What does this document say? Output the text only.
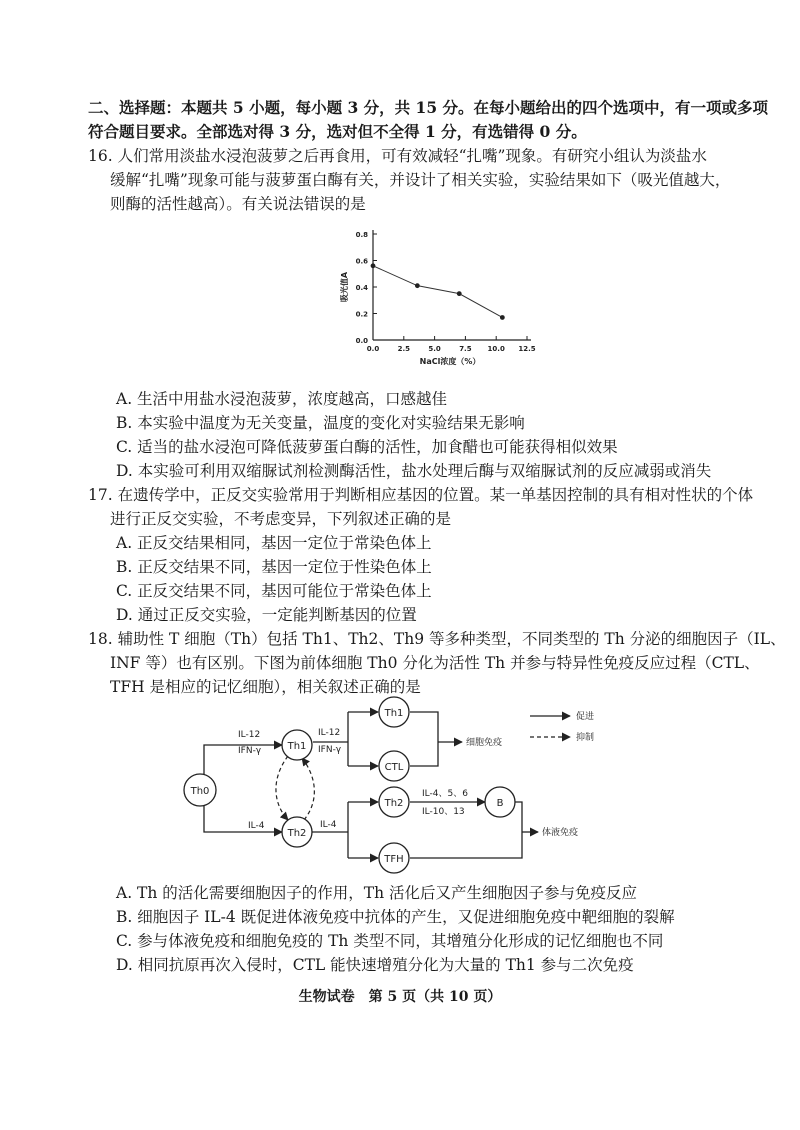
二、选择题：本题共 5 小题，每小题 3 分，共 15 分。在每小题给出的四个选项中，有一项或多项
符合题目要求。全部选对得 3 分，选对但不全得 1 分，有选错得 0 分。
16. 人们常用淡盐水浸泡菠萝之后再食用，可有效减轻“扎嘴”现象。有研究小组认为淡盐水
缓解“扎嘴”现象可能与菠萝蛋白酶有关，并设计了相关实验，实验结果如下（吸光值越大，
则酶的活性越高）。有关说法错误的是
0.0
0.2
0.4
0.6
0.8
0.0	2.5	5.0	7.5 10.0 12.5
NaCl浓度（%）
吸光值A
A. 生活中用盐水浸泡菠萝，浓度越高，口感越佳
B. 本实验中温度为无关变量，温度的变化对实验结果无影响
C. 适当的盐水浸泡可降低菠萝蛋白酶的活性，加食醋也可能获得相似效果
D. 本实验可利用双缩脲试剂检测酶活性，盐水处理后酶与双缩脲试剂的反应减弱或消失
17. 在遗传学中，正反交实验常用于判断相应基因的位置。某一单基因控制的具有相对性状的个体
进行正反交实验，不考虑变异，下列叙述正确的是
A. 正反交结果相同，基因一定位于常染色体上
B. 正反交结果不同，基因一定位于性染色体上
C. 正反交结果不同，基因可能位于常染色体上
D. 通过正反交实验，一定能判断基因的位置
18. 辅助性 T 细胞（Th）包括 Th1、Th2、Th9 等多种类型，不同类型的 Th 分泌的细胞因子（IL、
INF 等）也有区别。下图为前体细胞 Th0 分化为活性 Th 并参与特异性免疫反应过程（CTL、
TFH 是相应的记忆细胞），相关叙述正确的是
Th0
Th1
Th2
Th1
CTL
Th2
TFH
B
IL-12
IFN-γ
IL-12
IFN-γ
IL-4	IL-4
IL-4、5、6
IL-10、13
细胞免疫
体液免疫
促进
抑制
A. Th 的活化需要细胞因子的作用，Th 活化后又产生细胞因子参与免疫反应
B. 细胞因子 IL-4 既促进体液免疫中抗体的产生，又促进细胞免疫中靶细胞的裂解
C. 参与体液免疫和细胞免疫的 Th 类型不同，其增殖分化形成的记忆细胞也不同
D. 相同抗原再次入侵时，CTL 能快速增殖分化为大量的 Th1 参与二次免疫
生物试卷　第 5 页（共 10 页）
